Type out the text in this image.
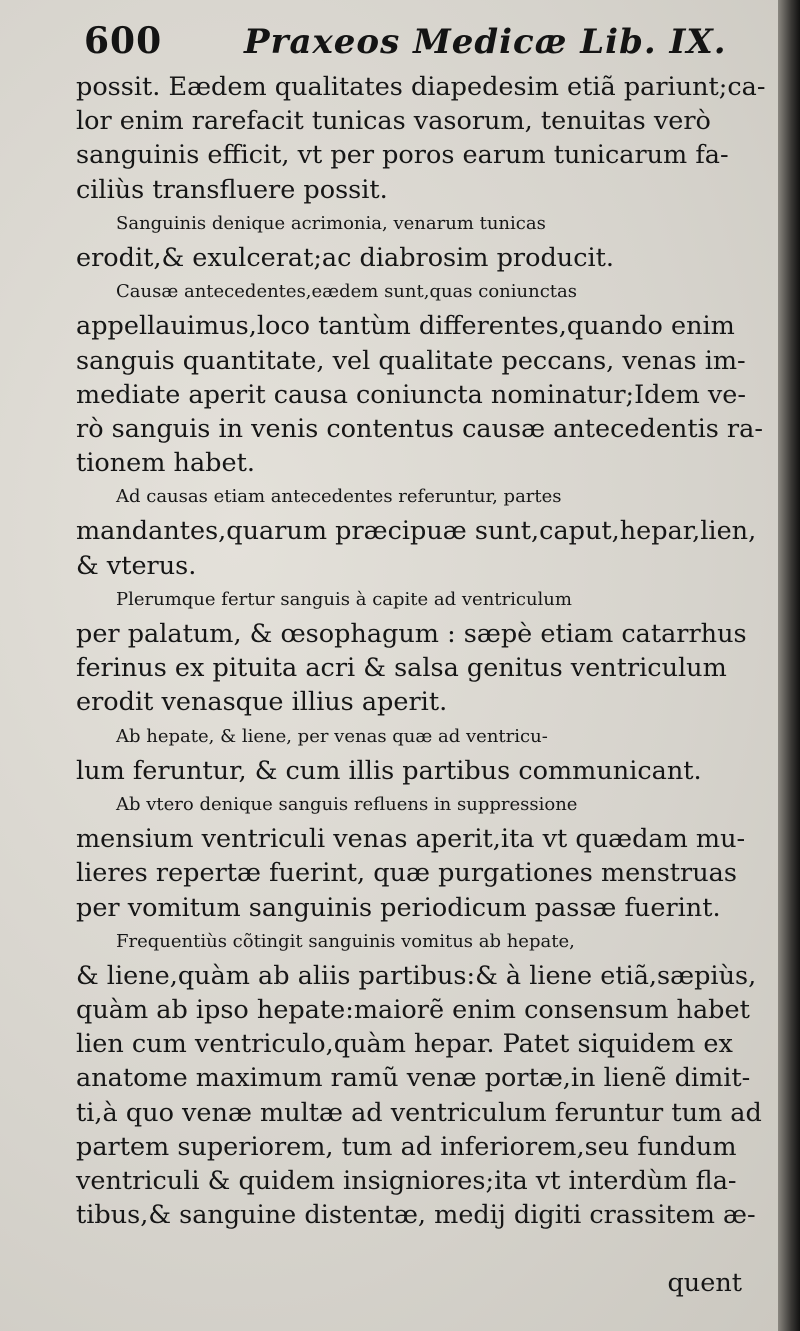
600 Praxeos Medicæ Lib. IX.
possit. Eædem qualitates diapedesim etiã pariunt;ca-
lor enim rarefacit tunicas vasorum, tenuitas verò
sanguinis efficit, vt per poros earum tunicarum fa-
ciliùs transfluere possit.
Sanguinis denique acrimonia, venarum tunicas
erodit,& exulcerat;ac diabrosim producit.
Causæ antecedentes,eædem sunt,quas coniunctas
appellauimus,loco tantùm differentes,quando enim
sanguis quantitate, vel qualitate peccans, venas im-
mediate aperit causa coniuncta nominatur;Idem ve-
rò sanguis in venis contentus causæ antecedentis ra-
tionem habet.
Ad causas etiam antecedentes referuntur, partes
mandantes,quarum præcipuæ sunt,caput,hepar,lien,
& vterus.
Plerumque fertur sanguis à capite ad ventriculum
per palatum, & œsophagum : sæpè etiam catarrhus
ferinus ex pituita acri & salsa genitus ventriculum
erodit venasque illius aperit.
Ab hepate, & liene, per venas quæ ad ventricu-
lum feruntur, & cum illis partibus communicant.
Ab vtero denique sanguis refluens in suppressione
mensium ventriculi venas aperit,ita vt quædam mu-
lieres repertæ fuerint, quæ purgationes menstruas
per vomitum sanguinis periodicum passæ fuerint.
Frequentiùs cõtingit sanguinis vomitus ab hepate,
& liene,quàm ab aliis partibus:& à liene etiã,sæpiùs,
quàm ab ipso hepate:maiorẽ enim consensum habet
lien cum ventriculo,quàm hepar. Patet siquidem ex
anatome maximum ramũ venæ portæ,in lienẽ dimit-
ti,à quo venæ multæ ad ventriculum feruntur tum ad
partem superiorem, tum ad inferiorem,seu fundum
ventriculi & quidem insigniores;ita vt interdùm fla-
tibus,& sanguine distentæ, medij digiti crassitem æ-
quent
